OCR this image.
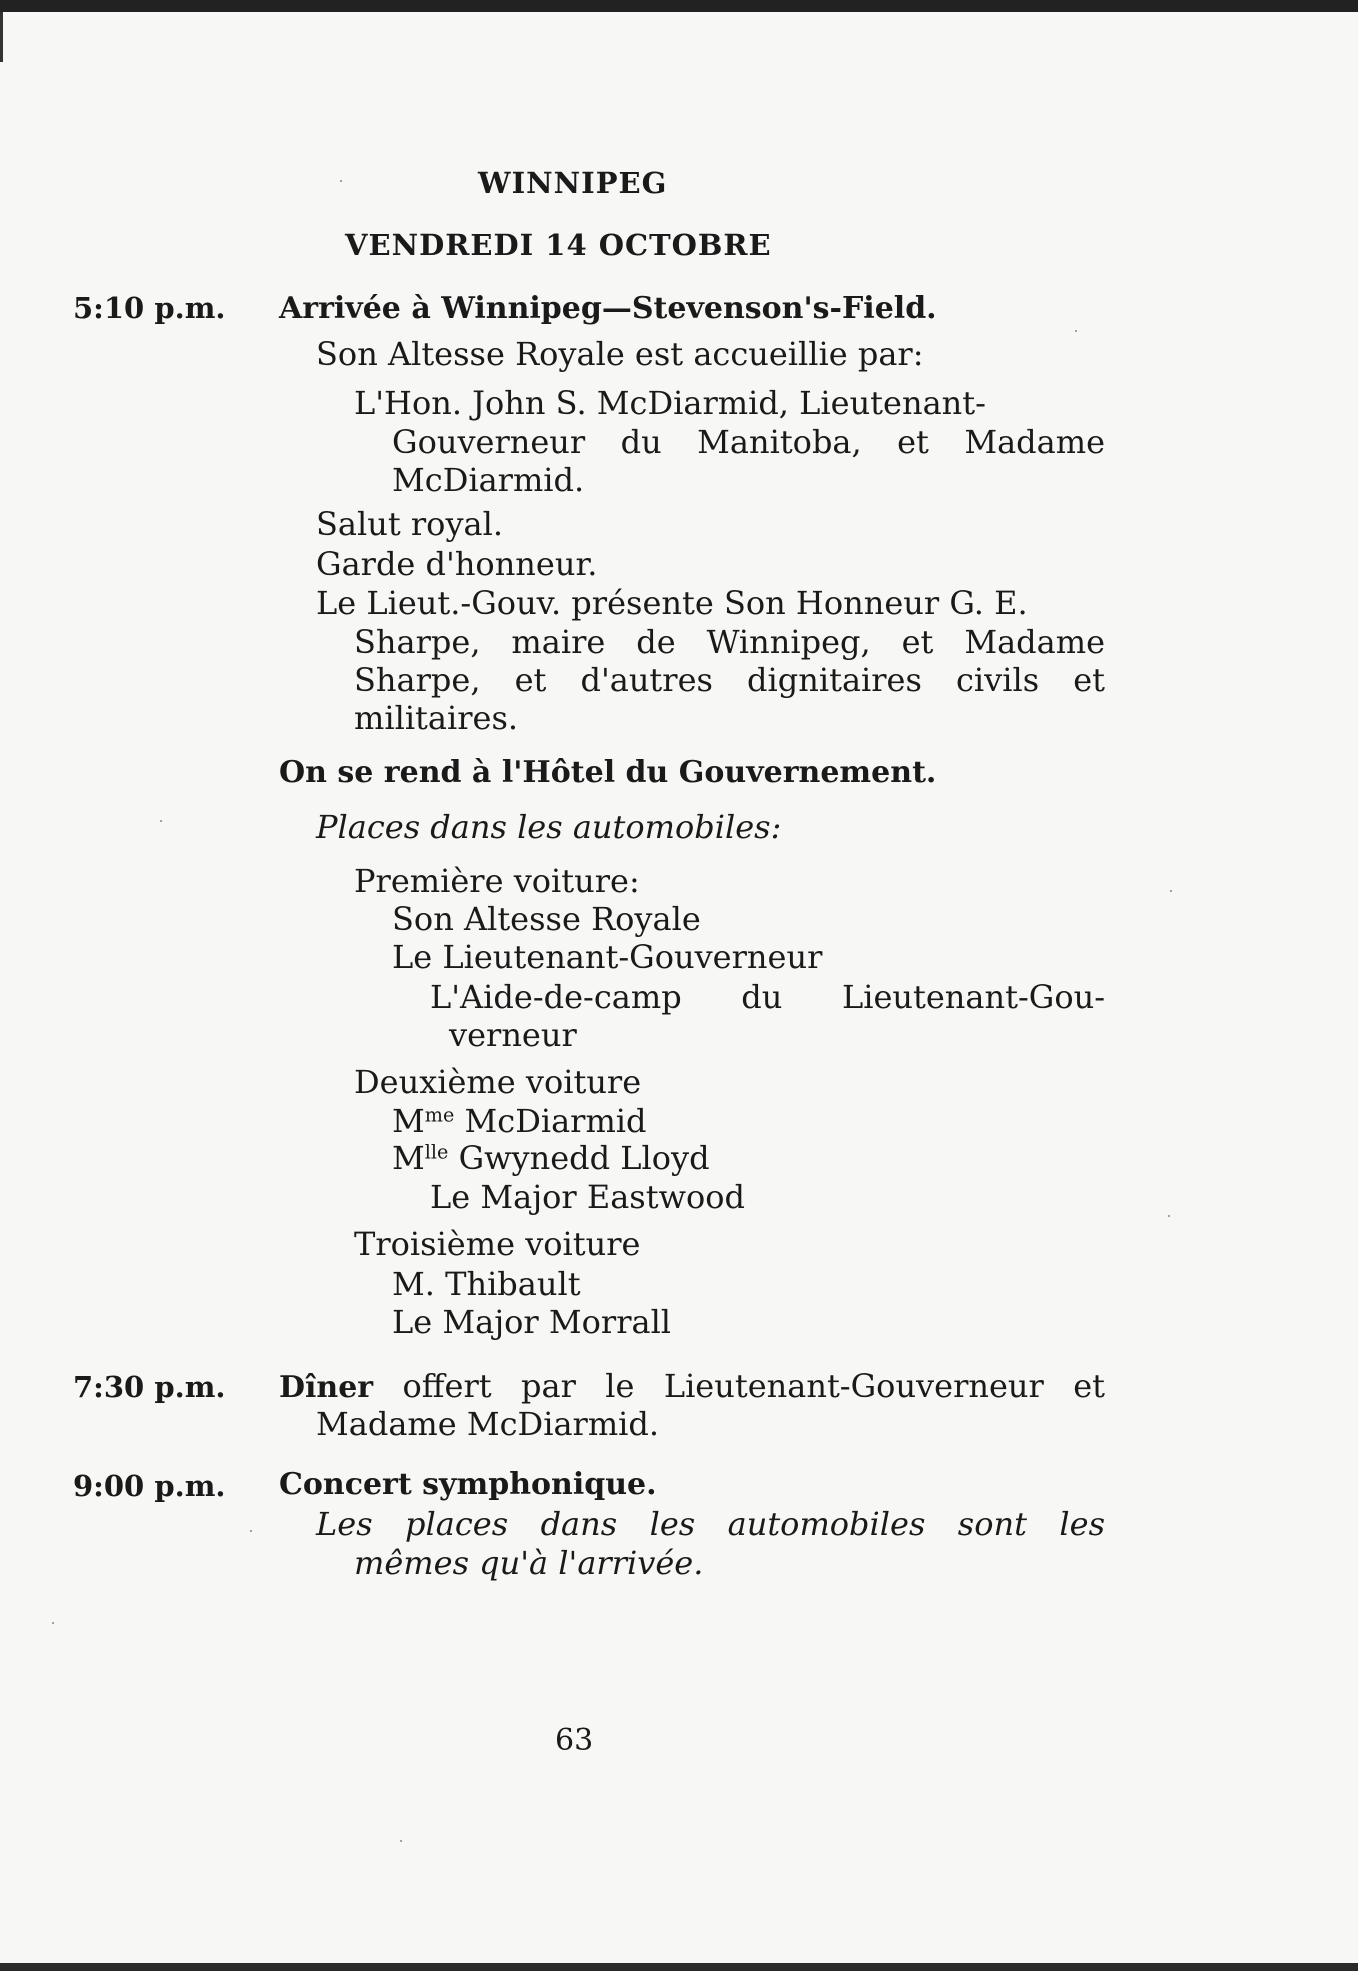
WINNIPEG
VENDREDI 14 OCTOBRE
5:10 p.m. Arrivée à Winnipeg—Stevenson's-Field.
Son Altesse Royale est accueillie par:
L'Hon. John S. McDiarmid, Lieutenant-
Gouverneur du Manitoba, et Madame
McDiarmid.
Salut royal.
Garde d'honneur.
Le Lieut.-Gouv. présente Son Honneur G. E.
Sharpe, maire de Winnipeg, et Madame
Sharpe, et d'autres dignitaires civils et
militaires.
On se rend à l'Hôtel du Gouvernement.
Places dans les automobiles:
Première voiture:
Son Altesse Royale
Le Lieutenant-Gouverneur
L'Aide-de-camp du Lieutenant-Gou-
verneur
Deuxième voiture
$M^{me}$ McDiarmid
$M^{lle}$ Gwynedd Lloyd
Le Major Eastwood
Troisième voiture
M. Thibault
Le Major Morrall
7:30 p.m. Dîner offert par le Lieutenant-Gouverneur et
Madame McDiarmid.
9:00 p.m. Concert symphonique.
Les places dans les automobiles sont les
mêmes qu'à l'arrivée.
63
